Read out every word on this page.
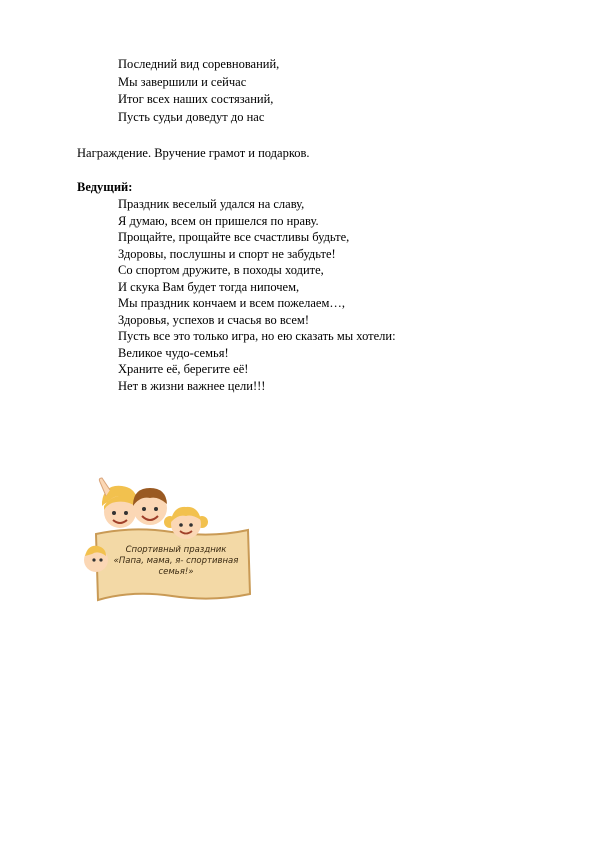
Последний вид соревнований,
Мы завершили и сейчас
Итог всех наших состязаний,
Пусть судьи доведут до нас
Награждение. Вручение грамот и подарков.
Ведущий:
Праздник веселый удался на славу,
Я думаю, всем он пришелся по нраву.
Прощайте, прощайте все счастливы будьте,
Здоровы, послушны и спорт не забудьте!
Со спортом дружите, в походы ходите,
И скука Вам будет тогда нипочем,
Мы праздник кончаем и всем пожелаем…,
Здоровья, успехов и счасья во всем!
Пусть все это только игра, но ею сказать мы хотели:
Великое чудо-семья!
Храните её, берегите её!
Нет в жизни важнее цели!!!
Спортивный праздник
«Папа, мама, я- спортивная
семья!»
